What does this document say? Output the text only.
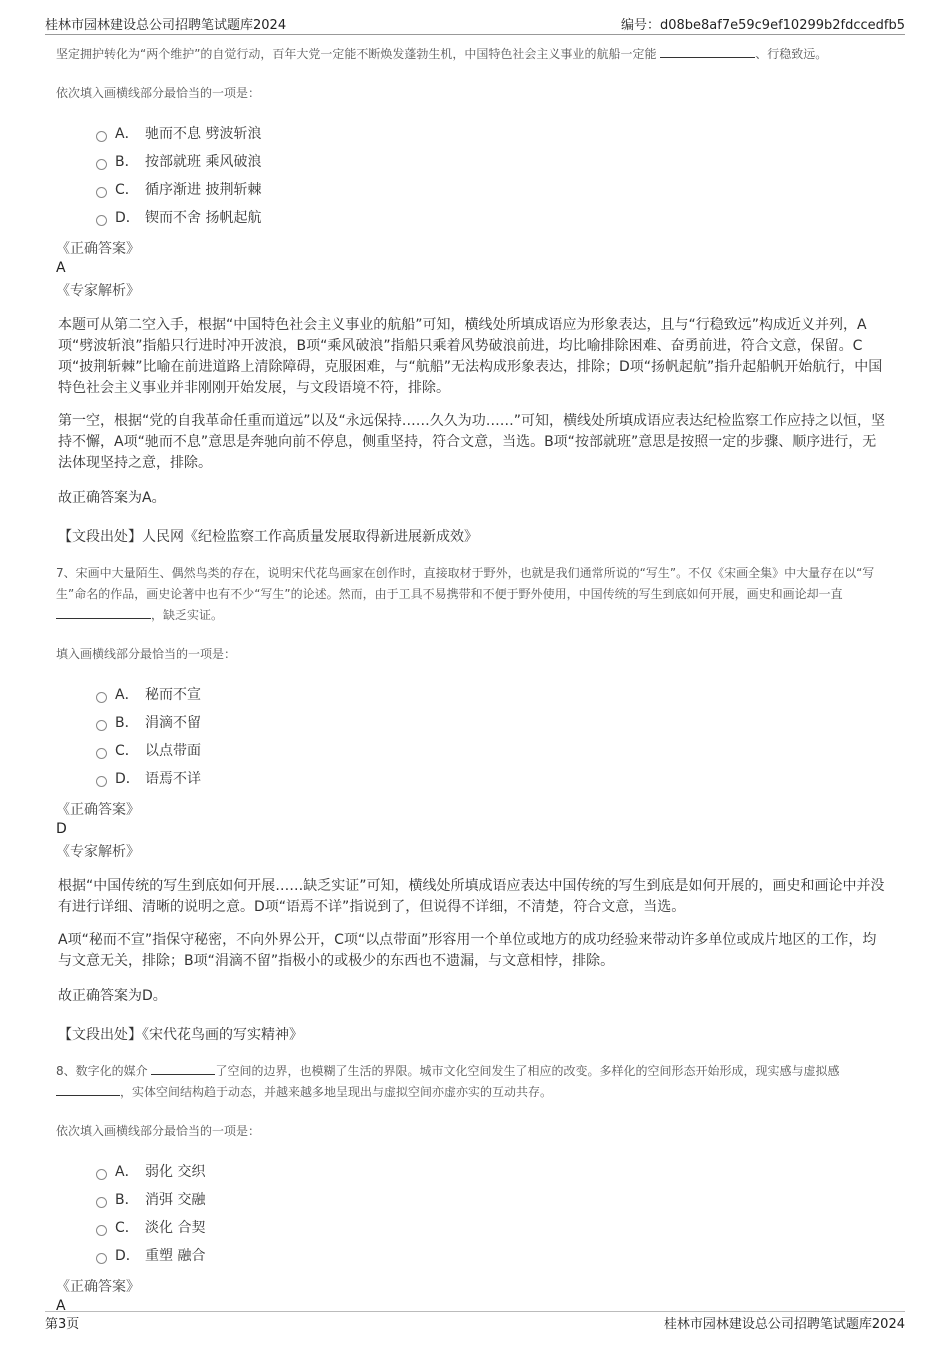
桂林市园林建设总公司招聘笔试题库2024	编号：d08be8af7e59c9ef10299b2fdccedfb5

坚定拥护转化为“两个维护”的自觉行动，百年大党一定能不断焕发蓬勃生机，中国特色社会主义事业的航船一定能	、行稳致远。

依次填入画横线部分最恰当的一项是：

A． 驰而不息 劈波斩浪
B． 按部就班 乘风破浪
C． 循序渐进 披荆斩棘
D． 锲而不舍 扬帆起航

《正确答案》

A

《专家解析》

本题可从第二空入手，根据“中国特色社会主义事业的航船”可知，横线处所填成语应为形象表达，且与“行稳致远”构成近义并列，A项“劈波斩浪”指船只行进时冲开波浪，B项“乘风破浪”指船只乘着风势破浪前进，均比喻排除困难、奋勇前进，符合文意，保留。C项“披荆斩棘”比喻在前进道路上清除障碍，克服困难，与“航船”无法构成形象表达，排除；D项“扬帆起航”指升起船帆开始航行，中国特色社会主义事业并非刚刚开始发展，与文段语境不符，排除。

第一空，根据“党的自我革命任重而道远”以及“永远保持……久久为功……”可知，横线处所填成语应表达纪检监察工作应持之以恒，坚持不懈，A项“驰而不息”意思是奔驰向前不停息，侧重坚持，符合文意，当选。B项“按部就班”意思是按照一定的步骤、顺序进行，无法体现坚持之意，排除。

故正确答案为A。

【文段出处】人民网《纪检监察工作高质量发展取得新进展新成效》

7、宋画中大量陌生、偶然鸟类的存在，说明宋代花鸟画家在创作时，直接取材于野外，也就是我们通常所说的“写生”。不仅《宋画全集》中大量存在以“写生”命名的作品，画史论著中也有不少“写生”的论述。然而，由于工具不易携带和不便于野外使用，中国传统的写生到底如何开展，画史和画论却一直 ，缺乏实证。

填入画横线部分最恰当的一项是：

A． 秘而不宣
B． 涓滴不留
C． 以点带面
D． 语焉不详

《正确答案》

D

《专家解析》

根据“中国传统的写生到底如何开展……缺乏实证”可知，横线处所填成语应表达中国传统的写生到底是如何开展的，画史和画论中并没有进行详细、清晰的说明之意。D项“语焉不详”指说到了，但说得不详细，不清楚，符合文意，当选。

A项“秘而不宣”指保守秘密，不向外界公开，C项“以点带面”形容用一个单位或地方的成功经验来带动许多单位或成片地区的工作，均与文意无关，排除；B项“涓滴不留”指极小的或极少的东西也不遗漏，与文意相悖，排除。

故正确答案为D。

【文段出处】《宋代花鸟画的写实精神》

8、数字化的媒介	了空间的边界，也模糊了生活的界限。城市文化空间发生了相应的改变。多样化的空间形态开始形成，现实感与虚拟感 ，实体空间结构趋于动态，并越来越多地呈现出与虚拟空间亦虚亦实的互动共存。

依次填入画横线部分最恰当的一项是：

A． 弱化 交织
B． 消弭 交融
C． 淡化 合契
D． 重塑 融合

《正确答案》

A

第3页	桂林市园林建设总公司招聘笔试题库2024
